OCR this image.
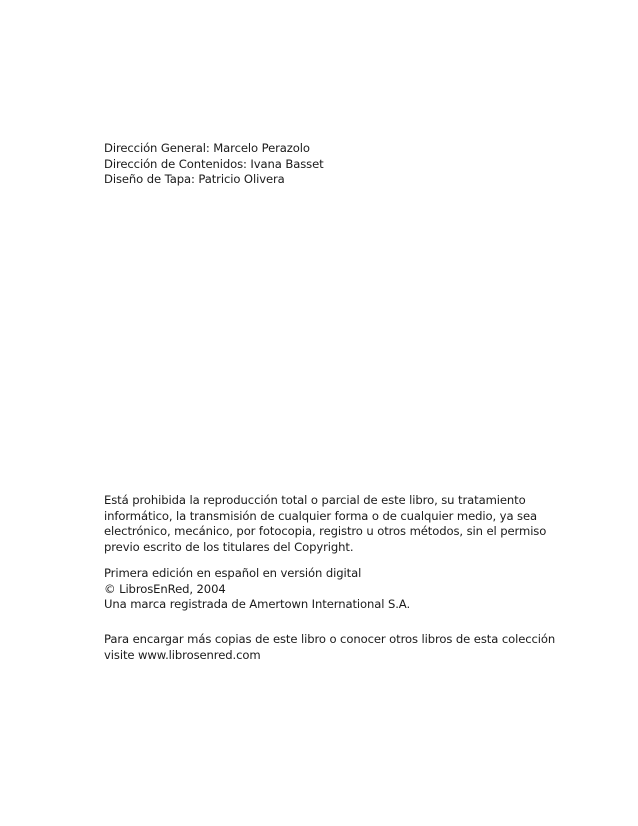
Dirección General: Marcelo Perazolo
Dirección de Contenidos: Ivana Basset
Diseño de Tapa: Patricio Olivera
Está prohibida la reproducción total o parcial de este libro, su tratamiento
informático, la transmisión de cualquier forma o de cualquier medio, ya sea
electrónico, mecánico, por fotocopia, registro u otros métodos, sin el permiso
previo escrito de los titulares del Copyright.
Primera edición en español en versión digital
© LibrosEnRed, 2004
Una marca registrada de Amertown International S.A.
Para encargar más copias de este libro o conocer otros libros de esta colección
visite www.librosenred.com
